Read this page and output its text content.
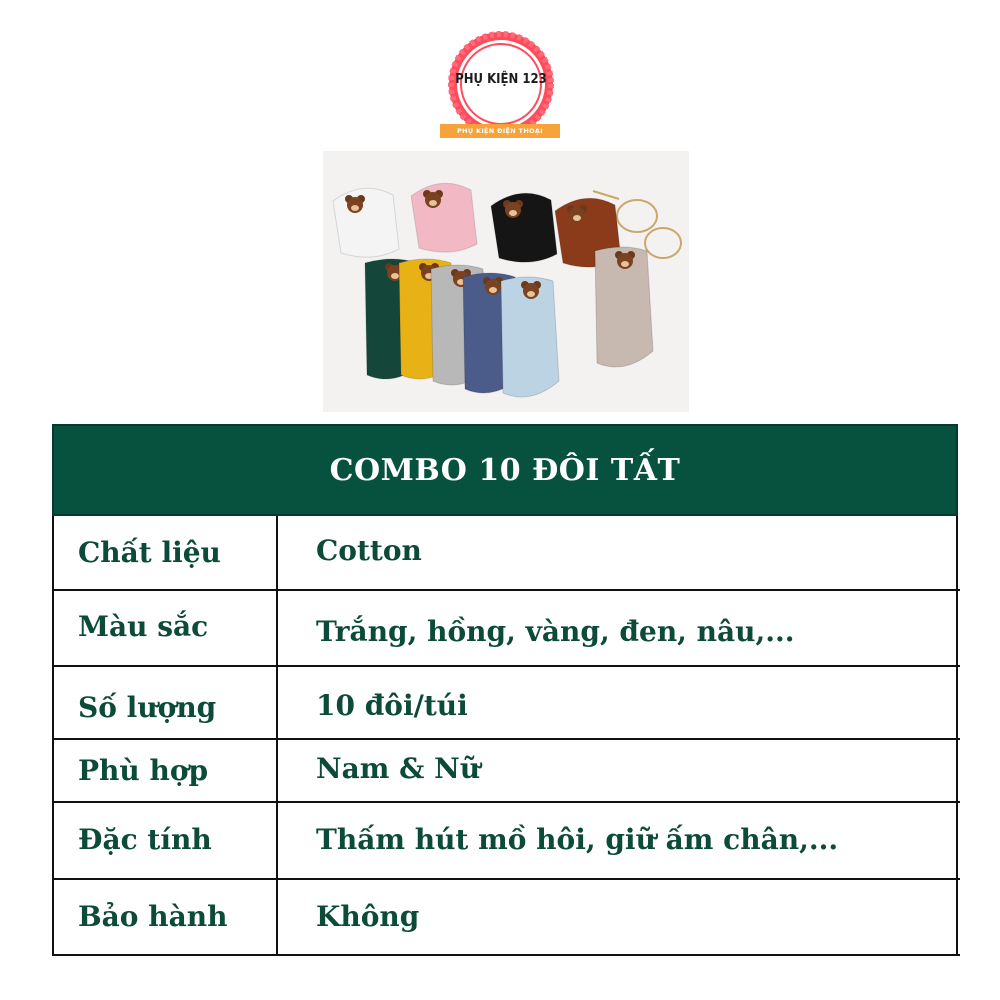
PHỤ KIỆN 123
PHỤ KIỆN ĐIỆN THOẠI
COMBO 10 ĐÔI TẤT
Chất liệu	Cotton
Màu sắc	Trắng, hồng, vàng, đen, nâu,...
Số lượng	10 đôi/túi
Phù hợp	Nam & Nữ
Đặc tính	Thấm hút mồ hôi, giữ ấm chân,...
Bảo hành	Không
